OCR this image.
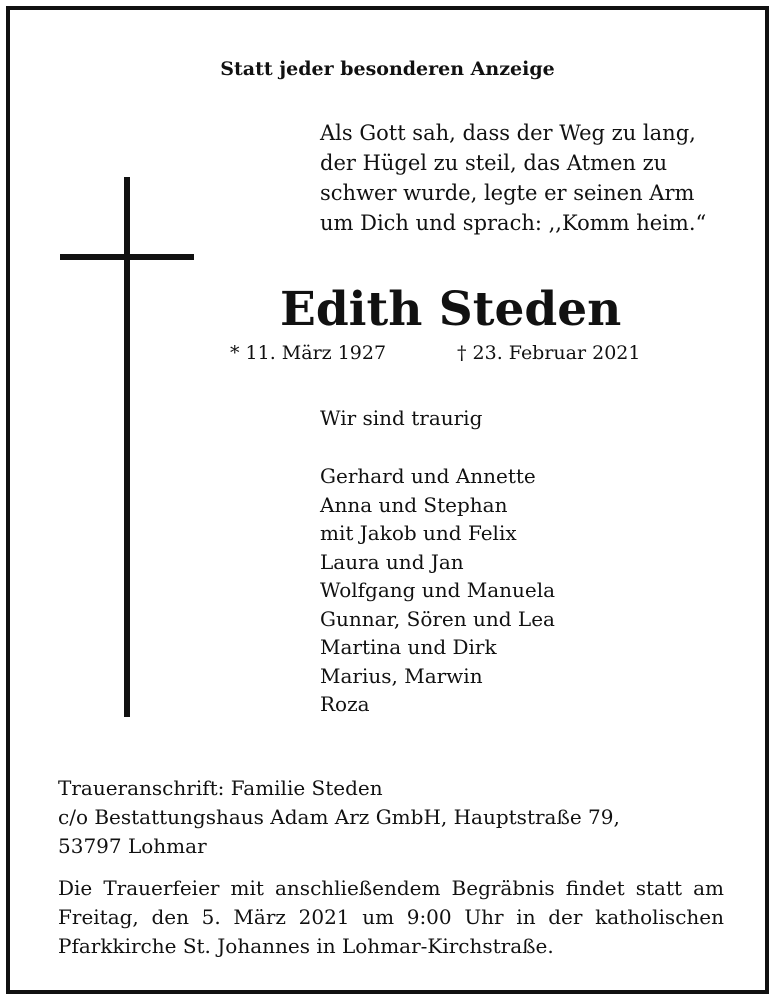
Statt jeder besonderen Anzeige
Als Gott sah, dass der Weg zu lang,
der Hügel zu steil, das Atmen zu
schwer wurde, legte er seinen Arm
um Dich und sprach: ,,Komm heim.“
Edith Steden
* 11. März 1927	† 23. Februar 2021
Wir sind traurig
Gerhard und Annette
Anna und Stephan
mit Jakob und Felix
Laura und Jan
Wolfgang und Manuela
Gunnar, Sören und Lea
Martina und Dirk
Marius, Marwin
Roza
Traueranschrift: Familie Steden
c/o Bestattungshaus Adam Arz GmbH, Hauptstraße 79,
53797 Lohmar
Die Trauerfeier mit anschließendem Begräbnis findet statt am Freitag, den 5. März 2021 um 9:00 Uhr in der katholischen Pfarkkirche St. Johannes in Lohmar-Kirchstraße.
